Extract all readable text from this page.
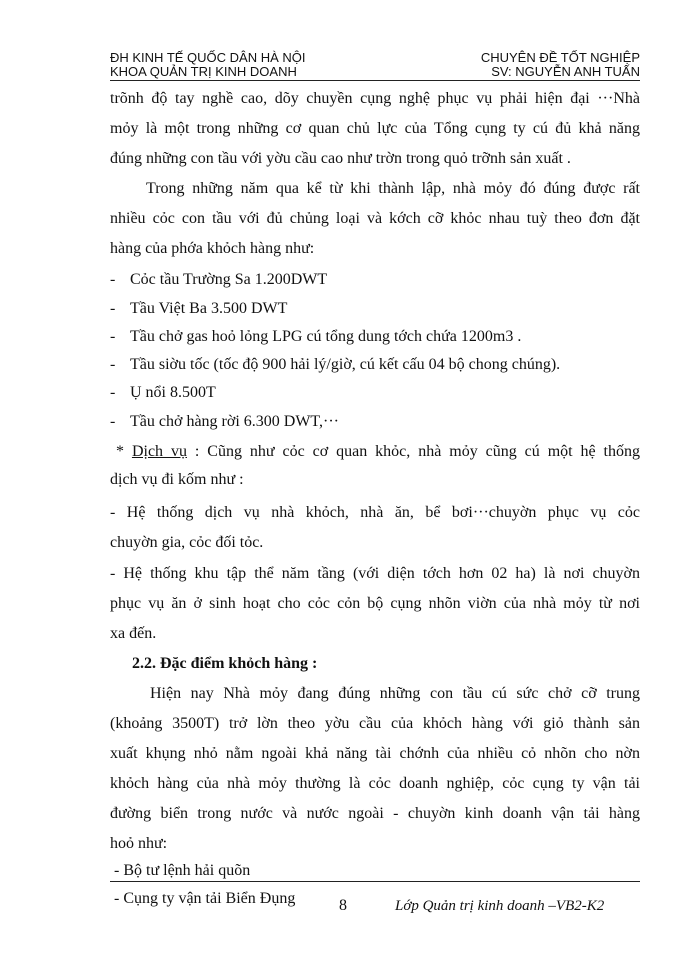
ĐH KINH TẾ QUỐC DÂN HÀ NỘI	CHUYÊN ĐỀ TỐT NGHIỆP
KHOA QUẢN TRỊ KINH DOANH	SV: NGUYỄN ANH TUẤN
trõnh độ tay nghề cao, dõy chuyền cụng nghệ phục vụ phải hiện đại ···Nhà
mỏy là một trong những cơ quan chủ lực của Tổng cụng ty cú đủ khả năng
đúng những con tầu với yờu cầu cao như trờn trong quỏ trỡnh sản xuất .
Trong những năm qua kể từ khi thành lập, nhà mỏy đó đúng được rất
nhiều cỏc con tầu với đủ chủng loại và kớch cỡ khỏc nhau tuỳ theo đơn đặt
hàng của phớa khỏch hàng như:
- Cỏc tầu Trường Sa 1.200DWT
- Tầu Việt Ba 3.500 DWT
- Tầu chở gas hoỏ lỏng LPG cú tổng dung tớch chứa 1200m3 .
- Tầu siờu tốc (tốc độ 900 hải lý/giờ, cú kết cấu 04 bộ chong chúng).
- Ụ nổi 8.500T
- Tầu chở hàng rời 6.300 DWT,···
* Dịch vụ : Cũng như cỏc cơ quan khỏc, nhà mỏy cũng cú một hệ thống
dịch vụ đi kốm như :
- Hệ thống dịch vụ nhà khỏch, nhà ăn, bể bơi···chuyờn phục vụ cỏc
chuyờn gia, cỏc đối tỏc.
- Hệ thống khu tập thể năm tầng (với diện tớch hơn 02 ha) là nơi chuyờn
phục vụ ăn ở sinh hoạt cho cỏc cỏn bộ cụng nhõn viờn của nhà mỏy từ nơi
xa đến.
2.2. Đặc điểm khỏch hàng :
Hiện nay Nhà mỏy đang đúng những con tầu cú sức chở cỡ trung
(khoảng 3500T) trở lờn theo yờu cầu của khỏch hàng với giỏ thành sản
xuất khụng nhỏ nằm ngoài khả năng tài chớnh của nhiều cỏ nhõn cho nờn
khỏch hàng của nhà mỏy thường là cỏc doanh nghiệp, cỏc cụng ty vận tải
đường biển trong nước và nước ngoài - chuyờn kinh doanh vận tải hàng
hoỏ như:
- Bộ tư lệnh hải quõn
- Cụng ty vận tải Biển Đụng	8	Lớp Quản trị kinh doanh –VB2-K2
